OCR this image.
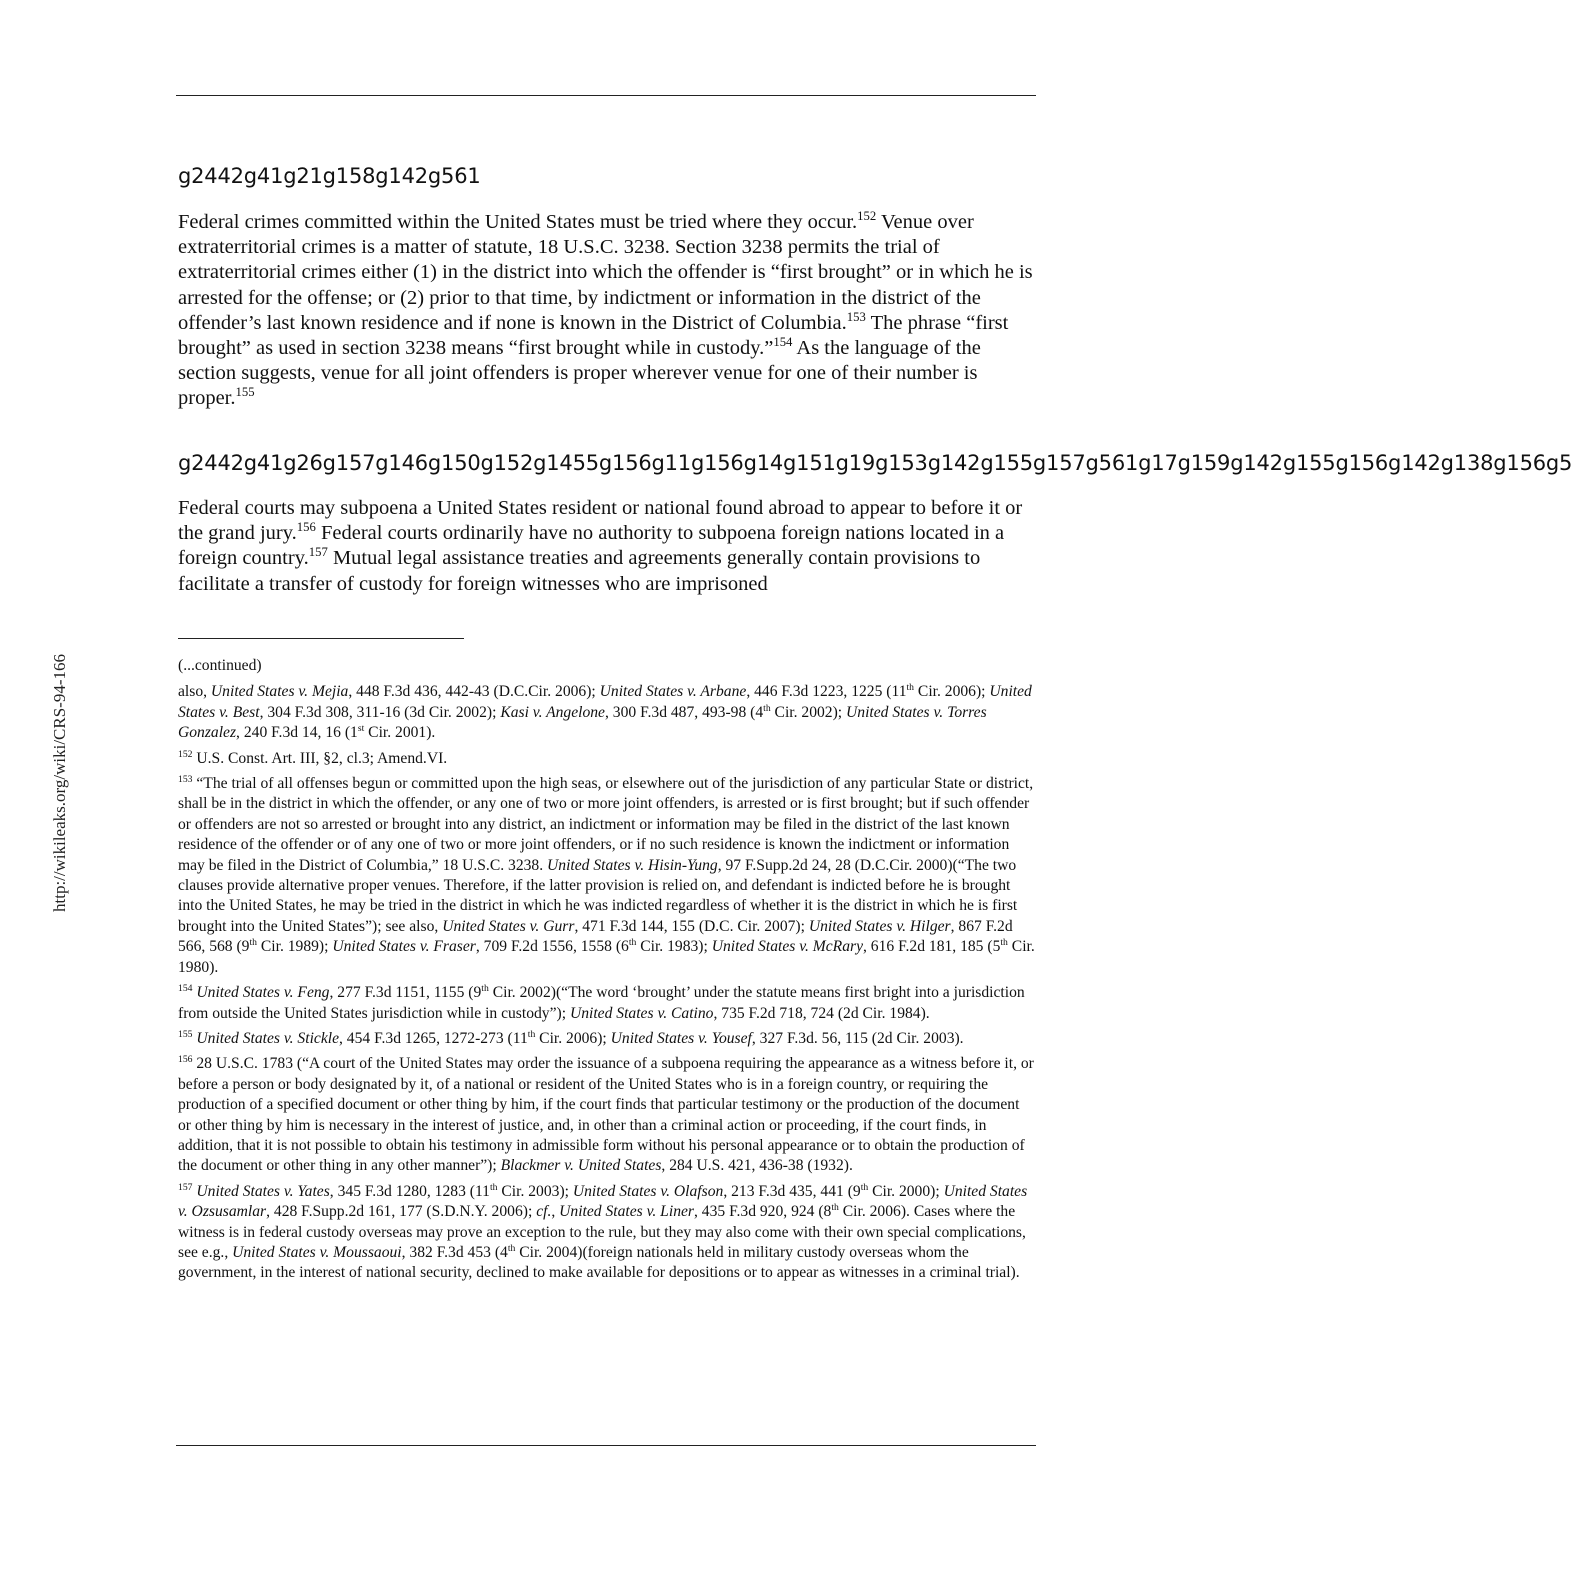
http://wikileaks.org/wiki/CRS-94-166
g2442g41g21g158g142g561
Federal crimes committed within the United States must be tried where they occur.$^{152}$ Venue over extraterritorial crimes is a matter of statute, 18 U.S.C. 3238. Section 3238 permits the trial of extraterritorial crimes either (1) in the district into which the offender is “first brought” or in which he is arrested for the offense; or (2) prior to that time, by indictment or information in the district of the offender’s last known residence and if none is known in the District of Columbia.$^{153}$ The phrase “first brought” as used in section 3238 means “first brought while in custody.”$^{154}$ As the language of the section suggests, venue for all joint offenders is proper wherever venue for one of their number is proper.$^{155}$
g2442g41g26g157g146g150g152g1455g156g11g156g14g151g19g153g142g155g157g561g17g159g142g155g156g142g138g156g5
Federal courts may subpoena a United States resident or national found abroad to appear to before it or the grand jury.$^{156}$ Federal courts ordinarily have no authority to subpoena foreign nations located in a foreign country.$^{157}$ Mutual legal assistance treaties and agreements generally contain provisions to facilitate a transfer of custody for foreign witnesses who are imprisoned
(...continued)
also, United States v. Mejia, 448 F.3d 436, 442-43 (D.C.Cir. 2006); United States v. Arbane, 446 F.3d 1223, 1225 (11th Cir. 2006); United States v. Best, 304 F.3d 308, 311-16 (3d Cir. 2002); Kasi v. Angelone, 300 F.3d 487, 493-98 (4th Cir. 2002); United States v. Torres Gonzalez, 240 F.3d 14, 16 (1st Cir. 2001).
$^{152}$ U.S. Const. Art. III, §2, cl.3; Amend.VI.
$^{153}$ “The trial of all offenses begun or committed upon the high seas, or elsewhere out of the jurisdiction of any particular State or district, shall be in the district in which the offender, or any one of two or more joint offenders, is arrested or is first brought; but if such offender or offenders are not so arrested or brought into any district, an indictment or information may be filed in the district of the last known residence of the offender or of any one of two or more joint offenders, or if no such residence is known the indictment or information may be filed in the District of Columbia,” 18 U.S.C. 3238. United States v. Hisin-Yung, 97 F.Supp.2d 24, 28 (D.C.Cir. 2000)(“The two clauses provide alternative proper venues. Therefore, if the latter provision is relied on, and defendant is indicted before he is brought into the United States, he may be tried in the district in which he was indicted regardless of whether it is the district in which he is first brought into the United States”); see also, United States v. Gurr, 471 F.3d 144, 155 (D.C. Cir. 2007); United States v. Hilger, 867 F.2d 566, 568 (9th Cir. 1989); United States v. Fraser, 709 F.2d 1556, 1558 (6th Cir. 1983); United States v. McRary, 616 F.2d 181, 185 (5th Cir. 1980).
$^{154}$ United States v. Feng, 277 F.3d 1151, 1155 (9th Cir. 2002)(“The word ‘brought’ under the statute means first bright into a jurisdiction from outside the United States jurisdiction while in custody”); United States v. Catino, 735 F.2d 718, 724 (2d Cir. 1984).
$^{155}$ United States v. Stickle, 454 F.3d 1265, 1272-273 (11th Cir. 2006); United States v. Yousef, 327 F.3d. 56, 115 (2d Cir. 2003).
$^{156}$ 28 U.S.C. 1783 (“A court of the United States may order the issuance of a subpoena requiring the appearance as a witness before it, or before a person or body designated by it, of a national or resident of the United States who is in a foreign country, or requiring the production of a specified document or other thing by him, if the court finds that particular testimony or the production of the document or other thing by him is necessary in the interest of justice, and, in other than a criminal action or proceeding, if the court finds, in addition, that it is not possible to obtain his testimony in admissible form without his personal appearance or to obtain the production of the document or other thing in any other manner”); Blackmer v. United States, 284 U.S. 421, 436-38 (1932).
$^{157}$ United States v. Yates, 345 F.3d 1280, 1283 (11th Cir. 2003); United States v. Olafson, 213 F.3d 435, 441 (9th Cir. 2000); United States v. Ozsusamlar, 428 F.Supp.2d 161, 177 (S.D.N.Y. 2006); cf., United States v. Liner, 435 F.3d 920, 924 (8th Cir. 2006). Cases where the witness is in federal custody overseas may prove an exception to the rule, but they may also come with their own special complications, see e.g., United States v. Moussaoui, 382 F.3d 453 (4th Cir. 2004)(foreign nationals held in military custody overseas whom the government, in the interest of national security, declined to make available for depositions or to appear as witnesses in a criminal trial).
